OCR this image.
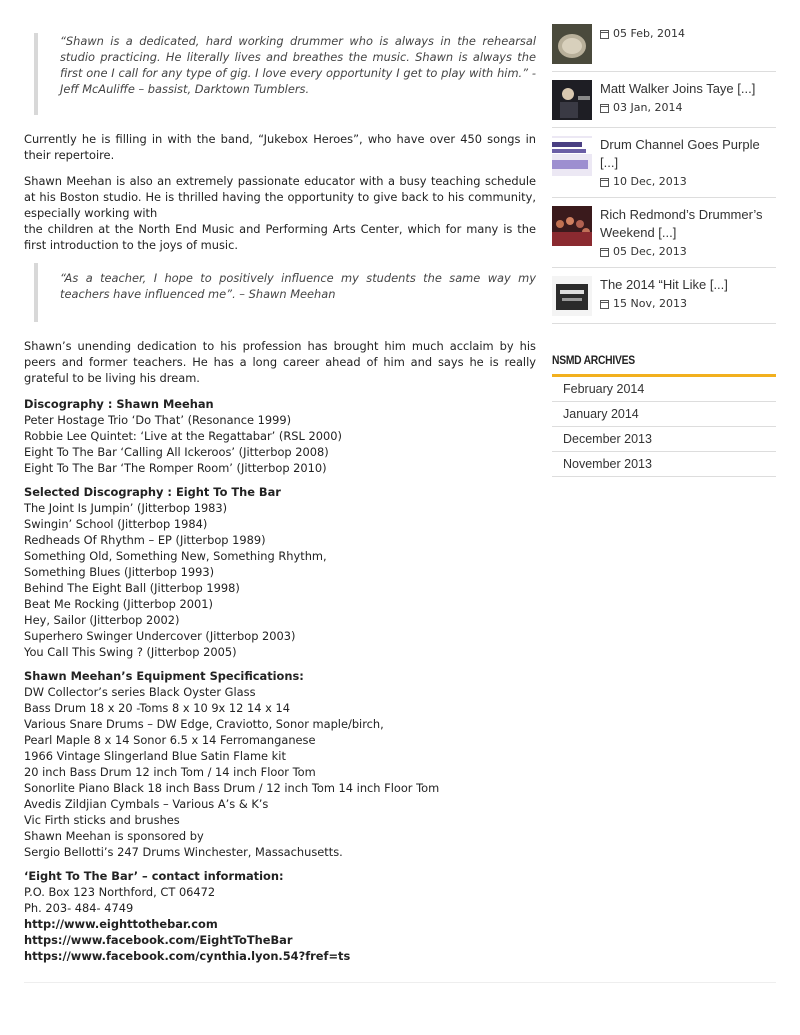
“Shawn is a dedicated, hard working drummer who is always in the rehearsal studio practicing. He literally lives and breathes the music. Shawn is always the first one I call for any type of gig. I love every opportunity I get to play with him.” - Jeff McAuliffe – bassist, Darktown Tumblers.

Currently he is filling in with the band, “Jukebox Heroes”, who have over 450 songs in their repertoire.

Shawn Meehan is also an extremely passionate educator with a busy teaching schedule at his Boston studio. He is thrilled having the opportunity to give back to his community, especially working with
the children at the North End Music and Performing Arts Center, which for many is the first introduction to the joys of music.

“As a teacher, I hope to positively influence my students the same way my teachers have influenced me”. – Shawn Meehan

Shawn’s unending dedication to his profession has brought him much acclaim by his peers and former teachers. He has a long career ahead of him and says he is really grateful to be living his dream.

Discography : Shawn Meehan
Peter Hostage Trio ‘Do That’ (Resonance 1999)
Robbie Lee Quintet: ‘Live at the Regattabar’ (RSL 2000)
Eight To The Bar ‘Calling All Ickeroos’ (Jitterbop 2008)
Eight To The Bar ‘The Romper Room’ (Jitterbop 2010)
Selected Discography : Eight To The Bar
The Joint Is Jumpin’ (Jitterbop 1983)
Swingin’ School (Jitterbop 1984)
Redheads Of Rhythm – EP (Jitterbop 1989)
Something Old, Something New, Something Rhythm,
Something Blues (Jitterbop 1993)
Behind The Eight Ball (Jitterbop 1998)
Beat Me Rocking (Jitterbop 2001)
Hey, Sailor (Jitterbop 2002)
Superhero Swinger Undercover (Jitterbop 2003)
You Call This Swing ? (Jitterbop 2005)
Shawn Meehan’s Equipment Specifications:
DW Collector’s series Black Oyster Glass
Bass Drum 18 x 20 -Toms 8 x 10 9x 12 14 x 14
Various Snare Drums – DW Edge, Craviotto, Sonor maple/birch,
Pearl Maple 8 x 14 Sonor 6.5 x 14 Ferromanganese
1966 Vintage Slingerland Blue Satin Flame kit
20 inch Bass Drum 12 inch Tom / 14 inch Floor Tom
Sonorlite Piano Black 18 inch Bass Drum / 12 inch Tom 14 inch Floor Tom
Avedis Zildjian Cymbals – Various A’s & K’s
Vic Firth sticks and brushes
Shawn Meehan is sponsored by
Sergio Bellotti’s 247 Drums Winchester, Massachusetts.
‘Eight To The Bar’ – contact information:
P.O. Box 123 Northford, CT 06472
Ph. 203- 484- 4749
http://www.eighttothebar.com
https://www.facebook.com/EightToTheBar
https://www.facebook.com/cynthia.lyon.54?fref=ts
05 Feb, 2014
Matt Walker Joins Taye [...]
03 Jan, 2014
Drum Channel Goes Purple [...]
10 Dec, 2013
Rich Redmond’s Drummer’s Weekend [...]
05 Dec, 2013
The 2014 “Hit Like [...]
15 Nov, 2013
NSMD ARCHIVES
February 2014
January 2014
December 2013
November 2013
